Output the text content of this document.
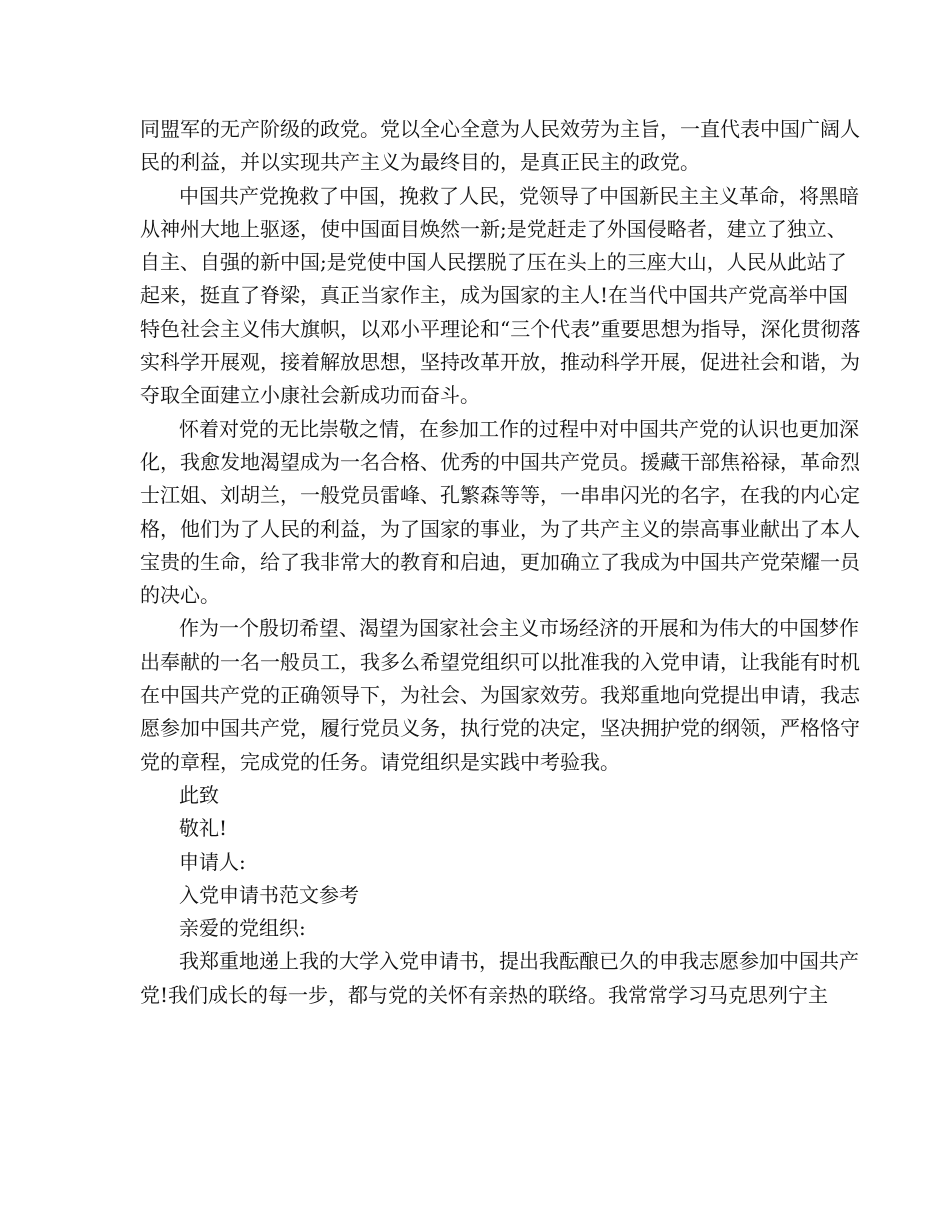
同盟军的无产阶级的政党。党以全心全意为人民效劳为主旨，一直代表中国广阔人
民的利益，并以实现共产主义为最终目的，是真正民主的政党。
中国共产党挽救了中国，挽救了人民，党领导了中国新民主主义革命，将黑暗
从神州大地上驱逐，使中国面目焕然一新;是党赶走了外国侵略者，建立了独立、
自主、自强的新中国;是党使中国人民摆脱了压在头上的三座大山，人民从此站了
起来，挺直了脊梁，真正当家作主，成为国家的主人!在当代中国共产党高举中国
特色社会主义伟大旗帜，以邓小平理论和“三个代表”重要思想为指导，深化贯彻落
实科学开展观，接着解放思想，坚持改革开放，推动科学开展，促进社会和谐，为
夺取全面建立小康社会新成功而奋斗。
怀着对党的无比崇敬之情，在参加工作的过程中对中国共产党的认识也更加深
化，我愈发地渴望成为一名合格、优秀的中国共产党员。援藏干部焦裕禄，革命烈
士江姐、刘胡兰，一般党员雷峰、孔繁森等等，一串串闪光的名字，在我的内心定
格，他们为了人民的利益，为了国家的事业，为了共产主义的崇高事业献出了本人
宝贵的生命，给了我非常大的教育和启迪，更加确立了我成为中国共产党荣耀一员
的决心。
作为一个殷切希望、渴望为国家社会主义市场经济的开展和为伟大的中国梦作
出奉献的一名一般员工，我多么希望党组织可以批准我的入党申请，让我能有时机
在中国共产党的正确领导下，为社会、为国家效劳。我郑重地向党提出申请，我志
愿参加中国共产党，履行党员义务，执行党的决定，坚决拥护党的纲领，严格恪守
党的章程，完成党的任务。请党组织是实践中考验我。
此致
敬礼!
申请人:
入党申请书范文参考
亲爱的党组织:
我郑重地递上我的大学入党申请书，提出我酝酿已久的申我志愿参加中国共产
党!我们成长的每一步，都与党的关怀有亲热的联络。我常常学习马克思列宁主
